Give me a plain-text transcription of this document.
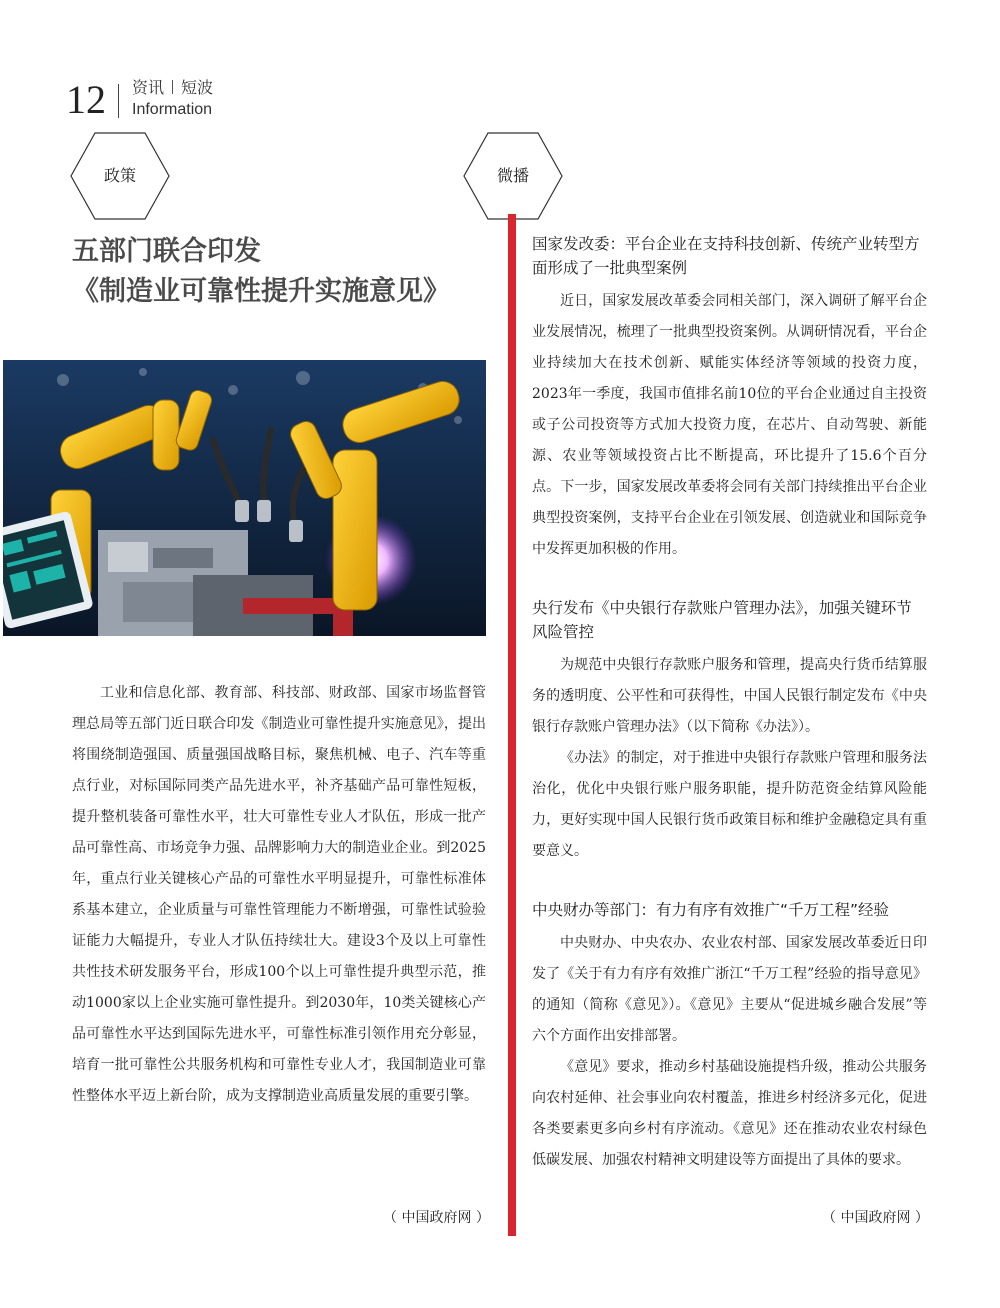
12 资讯 短波
Information
政策	微播
五部门联合印发
《制造业可靠性提升实施意见》

工业和信息化部、教育部、科技部、财政部、国家市场监督管理总局等五部门近日联合印发《制造业可靠性提升实施意见》，提出将围绕制造强国、质量强国战略目标，聚焦机械、电子、汽车等重点行业，对标国际同类产品先进水平，补齐基础产品可靠性短板，提升整机装备可靠性水平，壮大可靠性专业人才队伍，形成一批产品可靠性高、市场竞争力强、品牌影响力大的制造业企业。到2025年，重点行业关键核心产品的可靠性水平明显提升，可靠性标准体系基本建立，企业质量与可靠性管理能力不断增强，可靠性试验验证能力大幅提升，专业人才队伍持续壮大。建设3个及以上可靠性共性技术研发服务平台，形成100个以上可靠性提升典型示范，推动1000家以上企业实施可靠性提升。到2030年，10类关键核心产品可靠性水平达到国际先进水平，可靠性标准引领作用充分彰显，培育一批可靠性公共服务机构和可靠性专业人才，我国制造业可靠性整体水平迈上新台阶，成为支撑制造业高质量发展的重要引擎。

（ 中国政府网 ）
国家发改委：平台企业在支持科技创新、传统产业转型方面形成了一批典型案例

近日，国家发展改革委会同相关部门，深入调研了解平台企业发展情况，梳理了一批典型投资案例。从调研情况看，平台企业持续加大在技术创新、赋能实体经济等领域的投资力度，2023年一季度，我国市值排名前10位的平台企业通过自主投资或子公司投资等方式加大投资力度，在芯片、自动驾驶、新能源、农业等领域投资占比不断提高，环比提升了15.6个百分点。下一步，国家发展改革委将会同有关部门持续推出平台企业典型投资案例，支持平台企业在引领发展、创造就业和国际竞争中发挥更加积极的作用。

央行发布《中央银行存款账户管理办法》，加强关键环节风险管控

为规范中央银行存款账户服务和管理，提高央行货币结算服务的透明度、公平性和可获得性，中国人民银行制定发布《中央银行存款账户管理办法》（以下简称《办法》）。

《办法》的制定，对于推进中央银行存款账户管理和服务法治化，优化中央银行账户服务职能，提升防范资金结算风险能力，更好实现中国人民银行货币政策目标和维护金融稳定具有重要意义。

中央财办等部门：有力有序有效推广“千万工程”经验

中央财办、中央农办、农业农村部、国家发展改革委近日印发了《关于有力有序有效推广浙江“千万工程”经验的指导意见》的通知（简称《意见》）。《意见》主要从“促进城乡融合发展”等六个方面作出安排部署。

《意见》要求，推动乡村基础设施提档升级，推动公共服务向农村延伸、社会事业向农村覆盖，推进乡村经济多元化，促进各类要素更多向乡村有序流动。《意见》还在推动农业农村绿色低碳发展、加强农村精神文明建设等方面提出了具体的要求。

（ 中国政府网 ）
